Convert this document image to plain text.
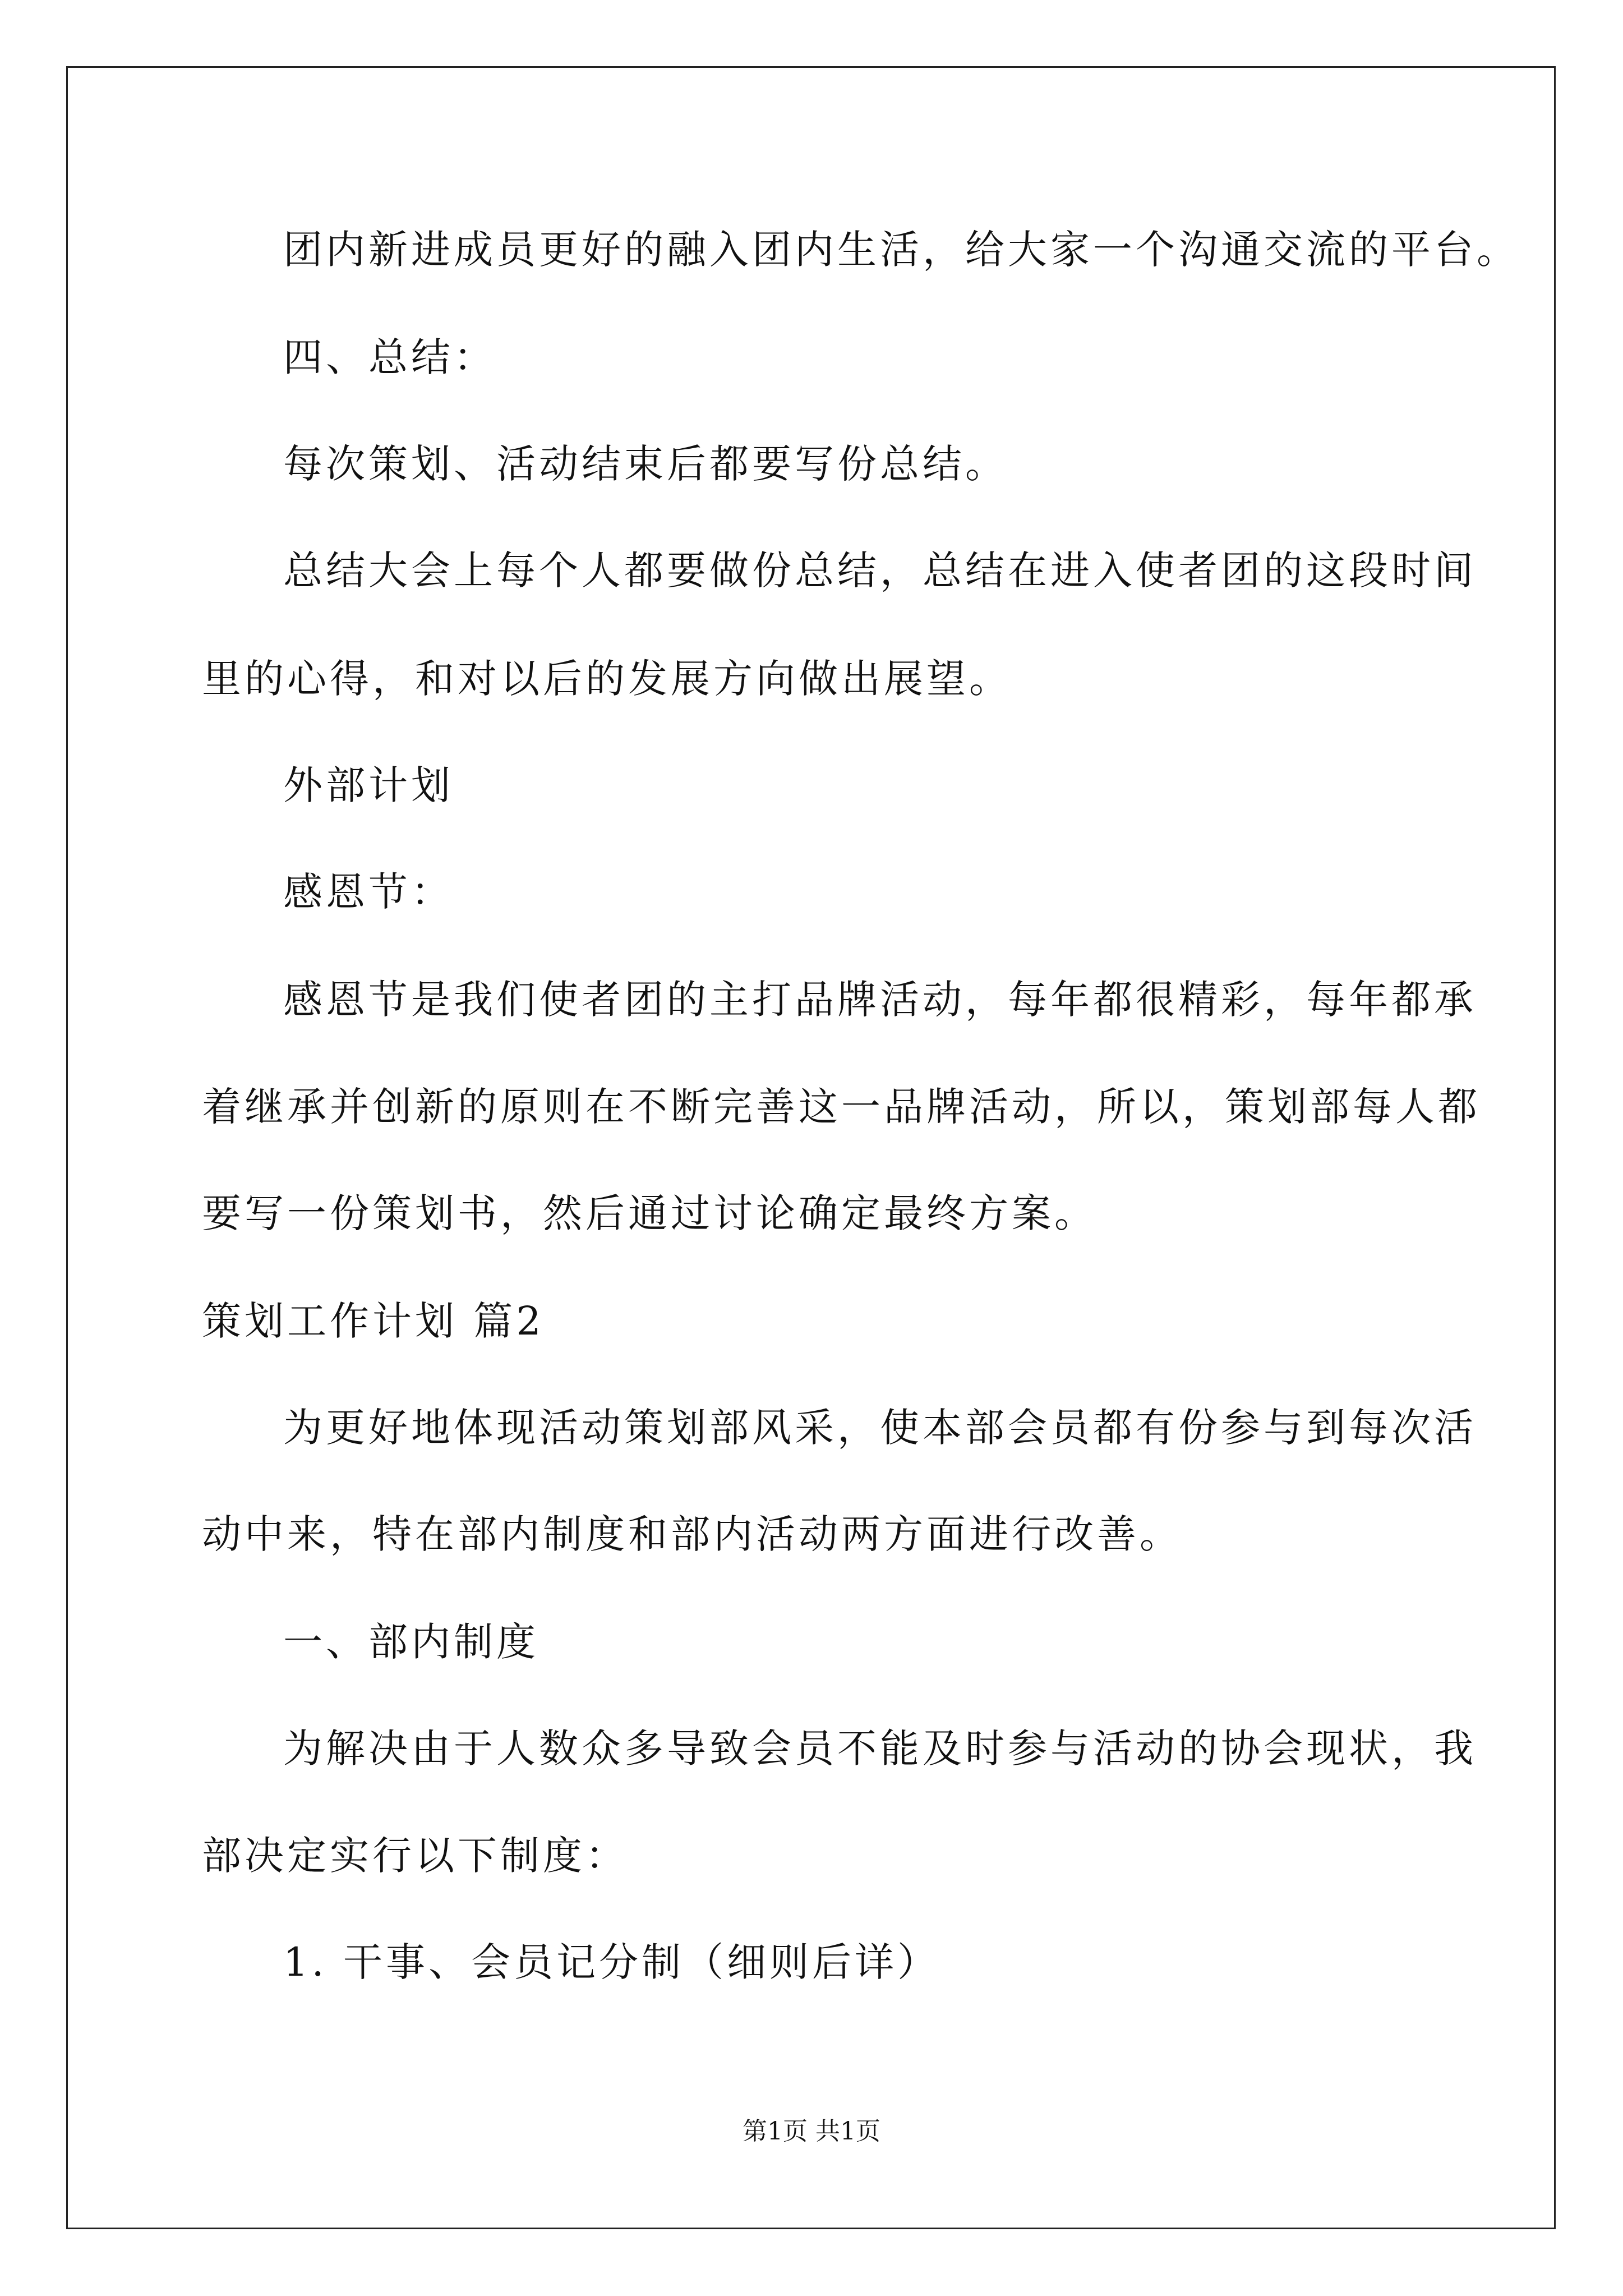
团内新进成员更好的融入团内生活，给大家一个沟通交流的平台。
四、总结：
每次策划、活动结束后都要写份总结。
总结大会上每个人都要做份总结，总结在进入使者团的这段时间
里的心得，和对以后的发展方向做出展望。
外部计划
感恩节：
感恩节是我们使者团的主打品牌活动，每年都很精彩，每年都承
着继承并创新的原则在不断完善这一品牌活动，所以，策划部每人都
要写一份策划书，然后通过讨论确定最终方案。
策划工作计划 篇2
为更好地体现活动策划部风采，使本部会员都有份参与到每次活
动中来，特在部内制度和部内活动两方面进行改善。
一、部内制度
为解决由于人数众多导致会员不能及时参与活动的协会现状，我
部决定实行以下制度：
1. 干事、会员记分制（细则后详）
第1页 共1页
